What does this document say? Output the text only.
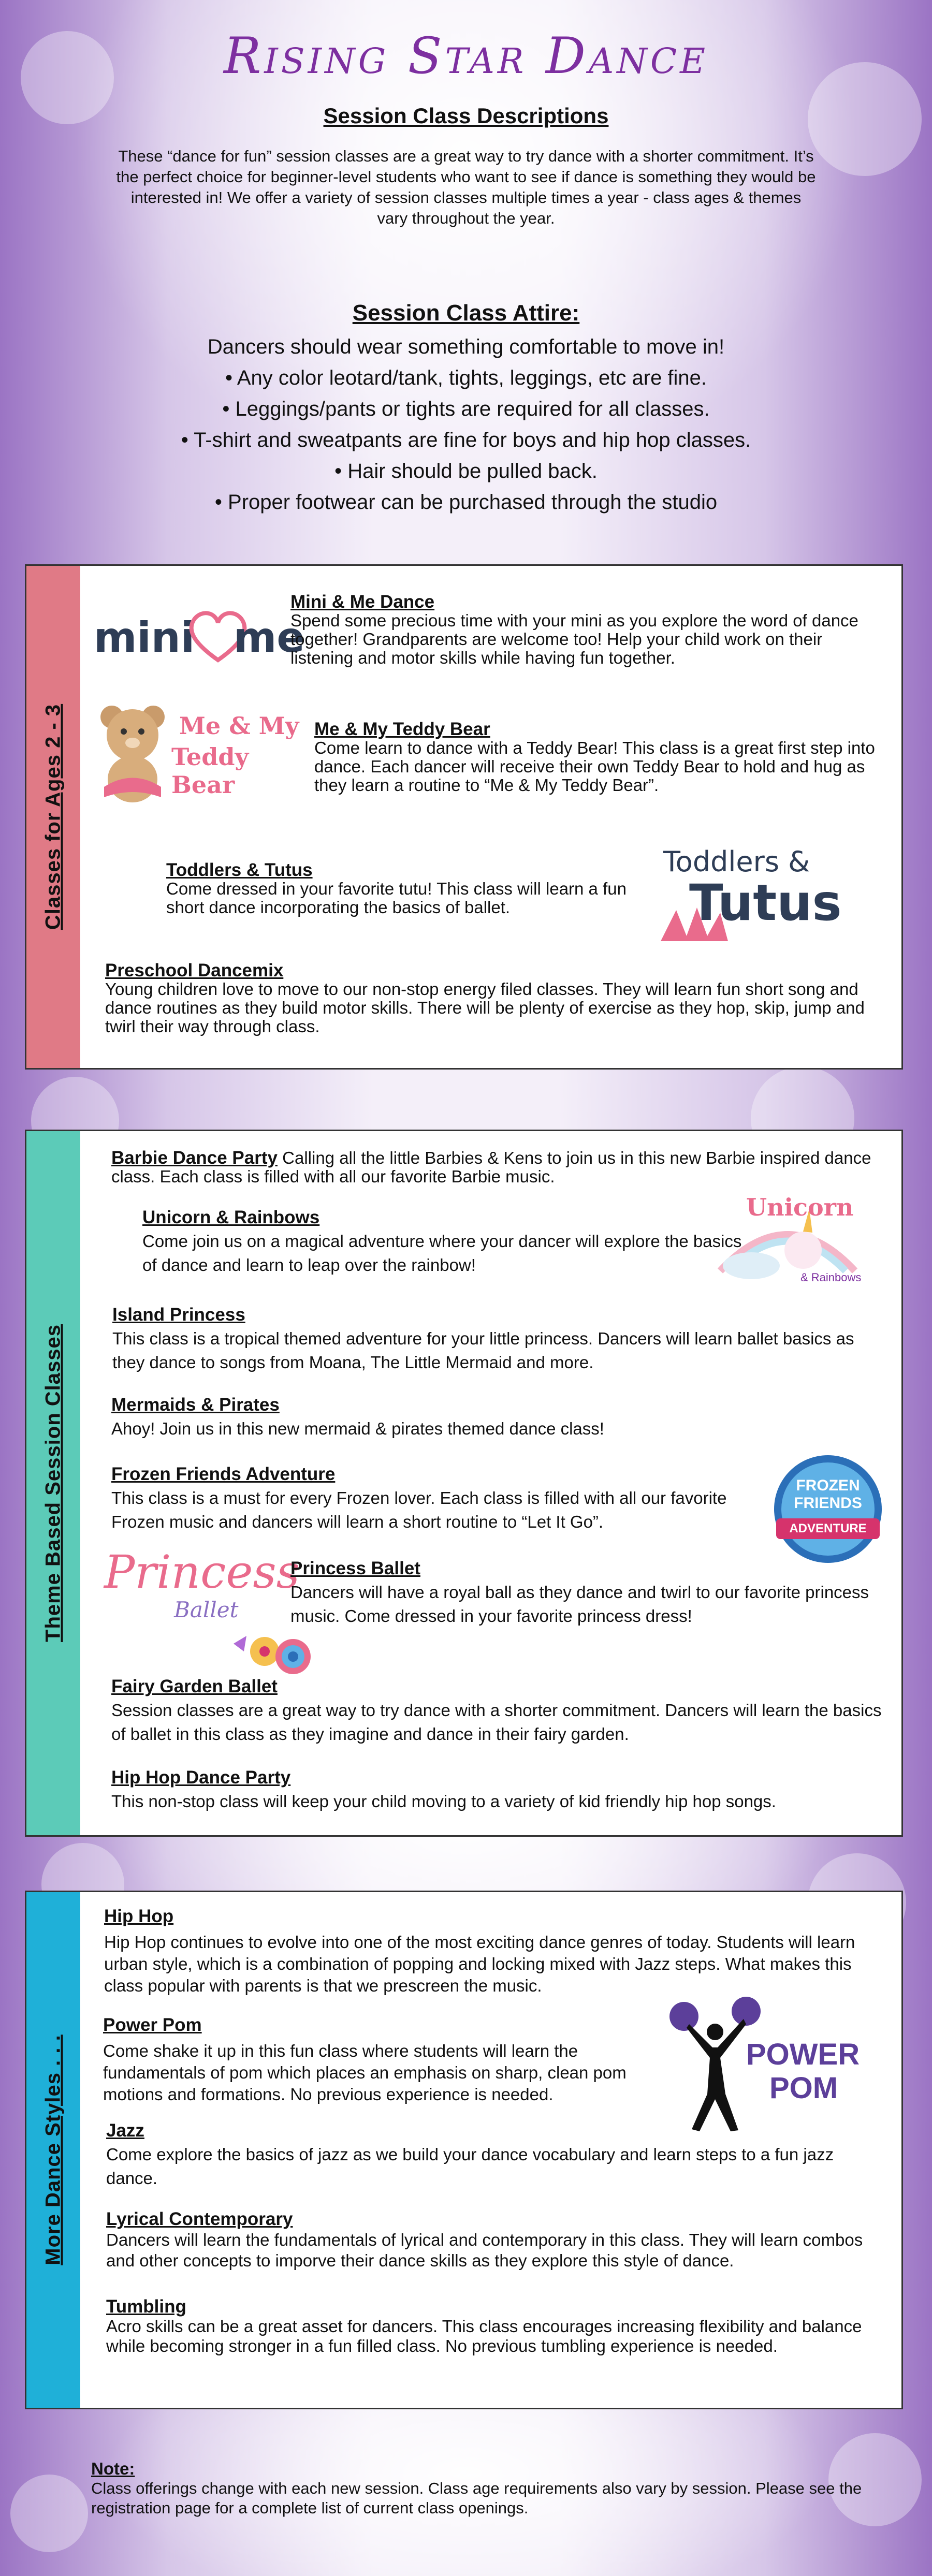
Rising Star Dance
Session Class Descriptions
These “dance for fun” session classes are a great way to try dance with a shorter commitment. It’s the perfect choice for beginner-level students who want to see if dance is something they would be interested in! We offer a variety of session classes multiple times a year - class ages & themes vary throughout the year.
Session Class Attire:
Dancers should wear something comfortable to move in!
• Any color leotard/tank, tights, leggings, etc are fine.
• Leggings/pants or tights are required for all classes.
• T-shirt and sweatpants are fine for boys and hip hop classes.
• Hair should be pulled back.
• Proper footwear can be purchased through the studio
Classes for Ages 2 - 3
mini me
Mini & Me Dance
Spend some precious time with your mini as you explore the word of dance together! Grandparents are welcome too! Help your child work on their listening and motor skills while having fun together.
Me & My
Teddy Bear
Me & My Teddy Bear
Come learn to dance with a Teddy Bear! This class is a great first step into dance. Each dancer will receive their own Teddy Bear to hold and hug as they learn a routine to “Me & My Teddy Bear”.
Toddlers & Tutus
Come dressed in your favorite tutu! This class will learn a fun short dance incorporating the basics of ballet.
Toddlers &
Tutus
Preschool Dancemix
Young children love to move to our non-stop energy filed classes. They will learn fun short song and dance routines as they build motor skills. There will be plenty of exercise as they hop, skip, jump and twirl their way through class.
Theme Based Session Classes
Barbie Dance Party Calling all the little Barbies & Kens to join us in this new Barbie inspired dance class. Each class is filled with all our favorite Barbie music.
Unicorn & Rainbows
Come join us on a magical adventure where your dancer will explore the basics of dance and learn to leap over the rainbow!
Unicorn
& Rainbows
Island Princess
This class is a tropical themed adventure for your little princess. Dancers will learn ballet basics as they dance to songs from Moana, The Little Mermaid and more.
Mermaids & Pirates
Ahoy! Join us in this new mermaid & pirates themed dance class!
Frozen Friends Adventure
This class is a must for every Frozen lover. Each class is filled with all our favorite Frozen music and dancers will learn a short routine to “Let It Go”.
FROZEN
FRIENDS
ADVENTURE
Princess
Ballet
Princess Ballet
Dancers will have a royal ball as they dance and twirl to our favorite princess music. Come dressed in your favorite princess dress!
Fairy Garden Ballet
Session classes are a great way to try dance with a shorter commitment. Dancers will learn the basics of ballet in this class as they imagine and dance in their fairy garden.
Hip Hop Dance Party
This non-stop class will keep your child moving to a variety of kid friendly hip hop songs.
More Dance Styles . . .
Hip Hop
Hip Hop continues to evolve into one of the most exciting dance genres of today. Students will learn urban style, which is a combination of popping and locking mixed with Jazz steps. What makes this class popular with parents is that we prescreen the music.
Power Pom
Come shake it up in this fun class where students will learn the fundamentals of pom which places an emphasis on sharp, clean pom motions and formations. No previous experience is needed.
POWER
POM
Jazz
Come explore the basics of jazz as we build your dance vocabulary and learn steps to a fun jazz dance.
Lyrical Contemporary
Dancers will learn the fundamentals of lyrical and contemporary in this class. They will learn combos and other concepts to imporve their dance skills as they explore this style of dance.
Tumbling
Acro skills can be a great asset for dancers. This class encourages increasing flexibility and balance while becoming stronger in a fun filled class. No previous tumbling experience is needed.
Note:
Class offerings change with each new session. Class age requirements also vary by session. Please see the registration page for a complete list of current class openings.
